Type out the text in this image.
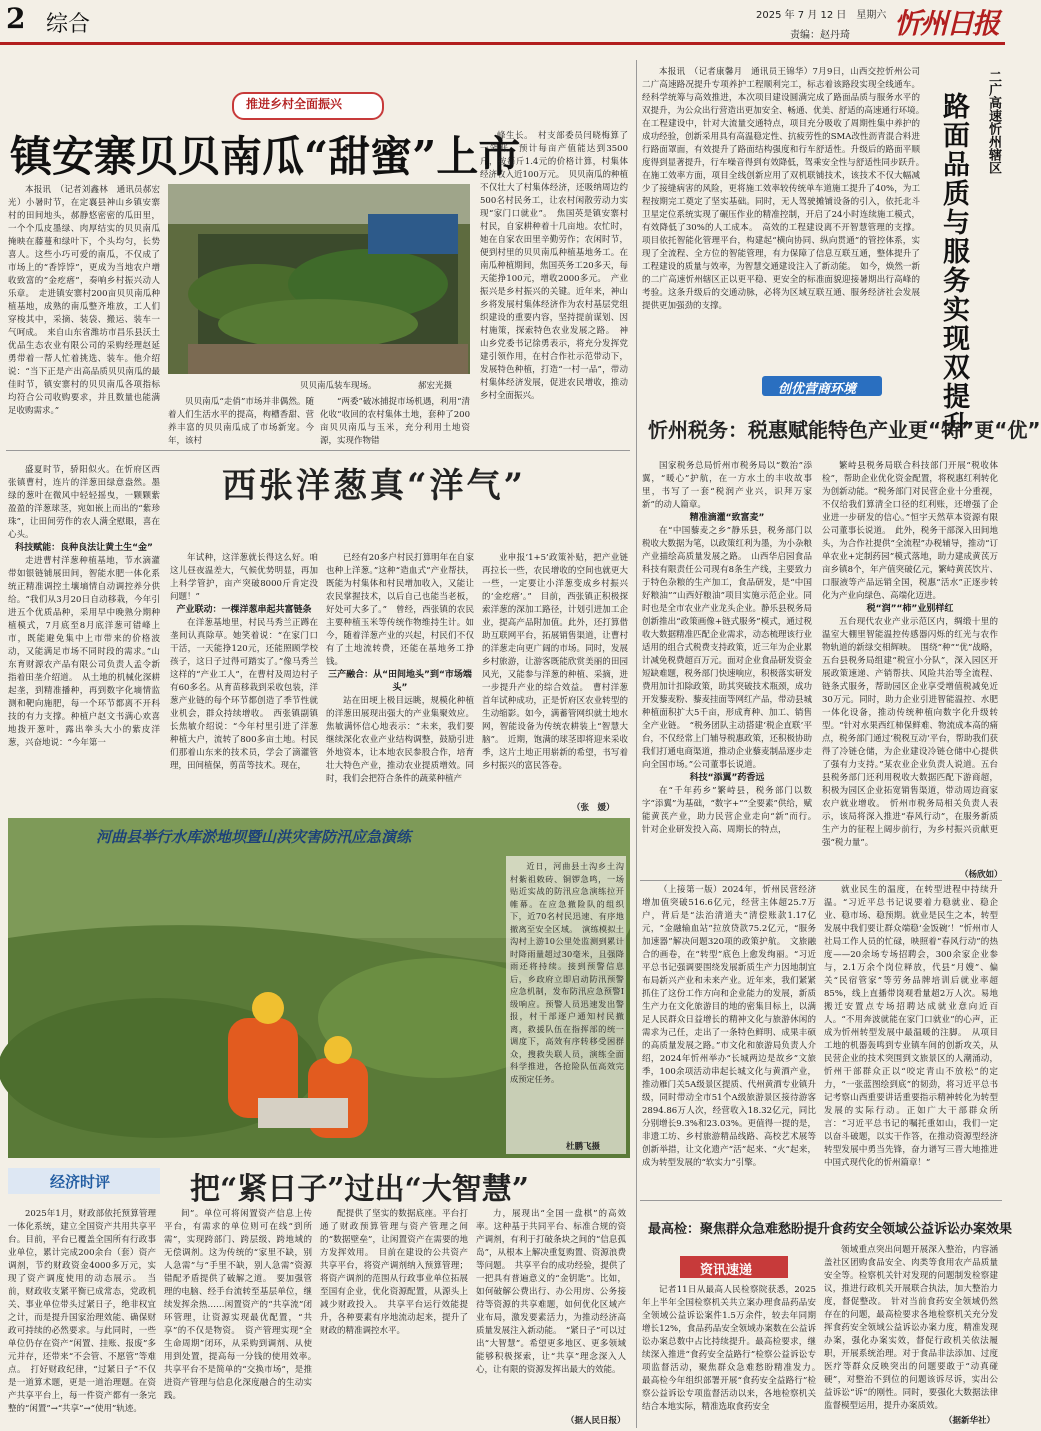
2 综合	2025 年 7 月 12 日　星期六
责编：赵丹琦 忻州日报
推进乡村全面振兴
镇安寨贝贝南瓜“甜蜜”上市

本报讯　（记者刘鑫林　通讯员郝宏光）小暑时节，在定襄县神山乡镇安寨村的田间地头，郝静悠密密的瓜田里，一个个瓜皮墨绿、肉厚结实的贝贝南瓜掩映在藤蔓和绿叶下，个头均匀，长势喜人。这些小巧可爱的南瓜，不仅成了市场上的“香饽饽”，更成为当地农户增收致富的“金疙瘩”，奏响乡村振兴动人乐章。　走进镇安寨村200亩贝贝南瓜种植基地，成熟的南瓜整齐堆放，工人们穿梭其中，采摘、装袋、搬运、装车一气呵成。　来自山东省潍坊市昌乐县沃土优品生态农业有限公司的采购经理赵延勇带着一帮人忙着挑选、装车。他介绍说：“当下正是产出高品质贝贝南瓜的最佳时节，镇安寨村的贝贝南瓜各项指标均符合公司收购要求，并且数量也能满足收购需求。”

贝贝南瓜装车现场。	郝宏光摄

峰生长。　村支部委员闫晓梅算了一笔账，预计每亩产值能达到3500斤，按每斤1.4元的价格计算，村集体经济收入近100万元。　贝贝南瓜的种植不仅壮大了村集体经济，还吸纳周边约500名村民务工，让农村闲散劳动力实现“家门口就业”。　焦国英是镇安寨村村民，自家耕种着十几亩地。农忙时，她在自家农田里辛勤劳作；农闲时节，便到村里的贝贝南瓜种植基地务工。在南瓜种植期间，焦国英务工20多天，每天能挣100元，增收2000多元。　产业振兴是乡村振兴的关键。近年来，神山乡将发展村集体经济作为农村基层党组织建设的重要内容，坚持提前谋划、因村施策，探索特色农业发展之路。　神山乡党委书记徐勇表示，将充分发挥党建引领作用，在村合作社示范带动下，发展特色种植，打造“一村一品”，带动村集体经济发展，促进农民增收，推动乡村全面振兴。

贝贝南瓜“走俏”市场并非偶然。随着人们生活水平的提高，枸槽香甜、营养丰富的贝贝南瓜成了市场新宠。今年，该村

“两委”破冰捕捉市场机遇，利用“清化收”收回的农村集体土地，套种了200亩贝贝南瓜与玉米，充分利用土地资源，实现作物错

西张洋葱真“洋气”

盛夏时节，骄阳似火。在忻府区西张镇曹村，连片的洋葱田绿意盎然。墨绿的葱叶在微风中轻轻摇曳，一颗颗紫盈盈的洋葱球茎，宛如嵌上而出的“紫珍珠”，让田间劳作的农人满全慰眼，喜在心头。

科技赋能：良种良法让黄土生“金”

走进曹村洋葱种植基地，节水滴灌带如银链铺展田间，智能水肥一体化系统正精准调控土壤墒情自动调控养分供给。“我们从3月20日自动移栽，今年引进五个优质品种，采用早中晚熟分期种植模式，7月底至8月底洋葱可错峰上市，既能避免集中上市带来的价格波动，又能满足市场不同时段的需求。”山东育财源农产品有限公司负责人孟令新指着田垄介绍道。　从土地的机械化深耕起垄，到精准播种，再到数字化墒情监测和靶向施肥，每一个环节都离不开科技的有力支撑。种植户赵文书满心欢喜地拨开葱叶，露出拳头大小的紫皮洋葱，兴奋地说：“今年第一

年试种，这洋葱就长得这么好。咱这儿昼夜温差大，气候优势明显，再加上科学管护，亩产突破8000斤肯定没问题！”

产业联动：一棵洋葱串起共富链条

在洋葱基地里，村民马秀兰正蹲在垄间认真除草。她笑着说：“在家门口干活，一天能挣120元，还能照顾学校孩子，这日子过得可踏实了。”像马秀兰这样的“产业工人”，在曹村及周边村子有60多名。从育苗移栽到采收包装，洋葱产业链的每个环节都创造了季节性就业机会，群众持续增收。　西张镇副镇长焦敏介绍说：“今年村里引进了洋葱种植大户，流转了800多亩土地。村民们那着山东来的技术员，学会了滴灌管理，田间植保，剪苗等技术。现在，

已经有20多户村民打算明年在自家也种上洋葱。”这种“造血式”产业帮扶，既能为村集体和村民增加收入，又能让农民掌握技术，以后自己也能当老板，好处可大多了。”　曾经，西张镇的农民主要种植玉米等传统作物维持生计。如今，随着洋葱产业的兴起，村民们不仅有了土地流转费，还能在基地务工挣钱。

三产融合：从“田间地头”到“市场端头”

站在田埂上极目远眺，规模化种植的洋葱田展现出强大的产业集聚效应。焦敏满怀信心地表示：“未来，我们要继续深化农业产业结构调整，鼓励引进外地资本，让本地农民参股合作，培育壮大特色产业，推动农业提质增效。同时，我们会把符合条件的蔬菜种植产

业申报‘1+5’政策补贴，把产业链再拉长一些，农民增收的空间也就更大一些，一定要让小洋葱变成乡村振兴的‘金疙瘩’。”　目前，西张镇正积极探索洋葱的深加工路径，计划引进加工企业，提高产品附加值。此外，还打算借助互联网平台，拓展销售渠道，让曹村的洋葱走向更广阔的市场。同时，发展乡村旅游，让游客既能欣赏美丽的田园风光，又能参与洋葱的种植、采摘，进一步提升产业的综合效益。　曹村洋葱首年试种成功，正是忻府区农业转型的生动缩影。如今，满蓄管网织就土地水网，智能设备为传统农耕装上“智慧大脑”。　近期，饱满的球茎即将迎来采收季，这片土地正用崭新的希望，书写着乡村振兴的富民答卷。

（张　媛）
河曲县举行水库淤地坝暨山洪灾害防汛应急演练

近日，河曲县土沟乡土沟村紫祖敕砖、铜锣急鸣，一场贴近实战的防汛应急演练拉开帷幕。在应急撤险队的组织下，近70名村民迅速、有序地撤离至安全区域。　演练模拟土沟村上游10公里处监测到累计时降雨量超过30毫米，且强降雨还将持续。接到预警信息后，乡政府立即启动防汛预警应急机制，发布防汛应急预警Ⅰ级响应。预警人员迅速发出警报，村干部逐户通知村民撤离，救援队伍在指挥部的统一调度下，高效有序转移受困群众，搜救失联人员，演练全面科学推进，各抢险队伍高效完成预定任务。

杜鹏飞摄
经济时评	把“紧日子”过出“大智慧”

2025年1月，财政部依托预算管理一体化系统，建立全国资产共用共享平台。目前，平台已覆盖全国所有行政事业单位，累计完成200余台（套）资产调剂，节约财政资金4000多万元，实现了资产调度使用的动态展示。　当前，财政收支紧平衡已成常态，党政机关、事业单位带头过紧日子，绝非权宜之计，而是提升国家治理效能、确保财政可持续的必然要求。与此同时，一些单位仍存在资产“闲置、挂账、报废”多元并存，还带来“不会管、不愿管”等难点。　打好财政纪律，“过紧日子”不仅是一道算术题，更是一道治理题。在资产共享平台上，每一件资产都有一条完整的“闲置”→“共享”→“使用”轨迹。

间”。单位可将闲置资产信息上传平台，有需求的单位则可在线“到所需”，实现跨部门、跨层级、跨地域的无偿调剂。这为传统的“家里不缺，别人急需”与“手里不缺，别人急需”资源错配矛盾提供了破解之道。　要加强管理的电脑、经手台流转至基层单位，继续发挥余热……闲置资产的“共享流”闭环管理，让资源实现最优配置，“共享”的不仅是物资。　资产管理实现“全生命周期”闭环，从采购到调剂、从使用到处置，提高每一分钱的使用效率。　共享平台不是简单的“交换市场”，是推进资产管理与信息化深度融合的生动实践。

配提供了坚实的数据底座。平台打通了财政预算管理与资产管理之间的“数据壁垒”，让闲置资产在需要的地方发挥效用。　目前在建设的公共资产共享平台，将资产调剂纳入预算管理；将资产调剂的范围从行政事业单位拓展至国有企业，优化资源配置，从源头上减少财政投入。　共享平台运行效能提升，各种要素有序地流动起来，提升了财政的精准调控水平。

力，展现出“全国一盘棋”的高效率。这种基于共同平台、标准合规的资产调剂，有利于打破条块之间的“信息孤岛”，从根本上解决重复购置、资源浪费等问题。　共享平台的成功经验，提供了一把具有普遍意义的“金钥匙”。比如，如何破解公费出行、办公用房、公务接待等资源的共享难题，如何优化区域产业布局，激发要素活力，为推动经济高质量发展注入新动能。　“紧日子”可以过出“大智慧”。希望更多地区、更多领域能够积极探索，让“共享”理念深入人心，让有限的资源发挥出最大的效能。

（据人民日报）

本报讯　（记者康馨月　通讯员王锦华）7月9日，山西交控忻州公司二广高速路况提升专项养护工程顺利完工，标志着该路段实现全线通车。经科学统筹与高效推进，本次项目建设圆满完成了路面品质与服务水平的双提升，为公众出行营造出更加安全、畅通、优美、舒适的高速通行环境。　在工程建设中，针对大流量交通特点，项目充分吸收了周期性集中养护的成功经验，创新采用具有高温稳定性、抗疲劳性的SMA改性沥青混合料进行路面罩面，有效提升了路面结构强度和行车舒适性。升级后的路面平顺度得到显著提升，行车噪音得到有效降低，驾乘安全性与舒适性同步跃升。　在施工效率方面，项目全线创新应用了双机联铺技术，该技术不仅大幅减少了接缝病害的风险，更将施工效率较传统单车道施工提升了40%，为工程按期完工奠定了坚实基础。同时，无人驾驶摊铺设备的引入，依托北斗卫星定位系统实现了碾压作业的精准控制，开启了24小时连续施工模式，有效降低了30%的人工成本。　高效的工程建设离不开智慧管理的支撑。项目依托智能化管理平台，构建起“横向协同、纵向贯通”的管控体系，实现了全流程、全方位的智能管理，有力保障了信息互联互通，整体提升了工程建设的质量与效率，为智慧交通建设注入了新动能。　如今，焕然一新的二广高速忻州辖区正以更平稳、更安全的标准面貌迎接暑期出行高峰的考验。这条升级后的交通动脉，必将为区域互联互通、服务经济社会发展提供更加强劲的支撑。

二广高速忻州辖区
路面品质与服务实现双提升
创优营商环境
忻州税务：税惠赋能特色产业更“特”更“优”

国家税务总局忻州市税务局以“数治”添翼，“暖心”护航，在一方水土的丰收故事里，书写了一套“税润产业兴，识拜万家新”的动人篇章。

精准滴灌“致富麦”

在“中国藜麦之乡”静乐县，税务部门以税收大数据为笔，以政策红利为墨，为小杂粮产业描绘高质量发展之路。　山西华启园食品科技有限责任公司现有8条生产线，主要致力于特色杂粮的生产加工，食品研发，是“中国好粮油”“山西好粮油”项目实施示范企业。同时也是全市农业产业龙头企业。静乐县税务局创新推出“政策画像+链式服务”模式，通过税收大数据精准匹配企业需求，动态梳理该行业适用的组合式税费支持政策，近三年为企业累计减免税费超百万元。面对企业食品研发资金短缺难题，税务部门快速响应，积极落实研发费用加计扣除政策，助其突破技术瓶颈，成功开发藜麦粉、藜麦挂面等网红产品，带动县城种植面积扩大5千亩，形成育种、加工、销售全产业链。　“税务团队主动搭建‘税企直联’平台，不仅经常上门辅导税惠政策，还积极协助我们打通电商渠道，推动企业藜麦制品逐步走向全国市场。”公司董事长说道。

科技“添翼”药香远

在“千年药乡”繁峙县，税务部门以数字“添翼”为基础，“数字+”“全要素”供给，赋能黄芪产业，助力民营企业走向“新”而行。　针对企业研发投入高、周期长的特点，

繁峙县税务局联合科技部门开展“税收体检”，帮助企业优化资金配置，将税惠红利转化为创新动能。“税务部门对民营企业十分重视，不仅给我们算清全口径的红利账，还增强了企业进一步研发的信心。”恒宇天然草本资源有限公司董事长说道。　此外，税务干部深入田间地头，为合作社提供“全流程”办税辅导，推动“订单农业+定制药园”模式落地，助力建成黄芪万亩乡镇8个，年产值突破亿元，繁峙黄芪饮片、口服液等产品远销全国，税惠“活水”正逐步转化为产业向绿色、高端化迈进。

税“润”“柿”业别样红

五台现代农业产业示范区内，绸缎十里的温室大棚里智能温控传感器闪烁的红光与农作物轨道的新绿交相辉映。　围绕“种”“优”战略，五台县税务局组建“税宣小分队”，深入园区开展政策速递、产销帮扶、风险共治等全流程、链条式服务，帮助园区企业享受增值税减免近30万元。同时，助力企业引进智能温控、水肥一体化设备，推动传统种植向数字化升级转型。“针对水果西红柿保鲜难、物流成本高的痛点，税务部门通过‘税税互动’平台，帮助我们获得了冷链仓储，为企业建设冷链仓储中心提供了强有力支持。”某农业企业负责人说道。五台县税务部门还利用税收大数据匹配下游商超，积极为园区企业拓宽销售渠道，带动周边商家农户就业增收。　忻州市税务局相关负责人表示，该局将深入推进“春风行动”，在服务新质生产力的征程上阔步前行，为乡村振兴贡献更强“税力量”。

（杨欣如）

（上接第一版）2024年，忻州民营经济增加值突破516.6亿元，经营主体超25.7万户，背后是“法治清道夫”清偿账款1.17亿元，“金融输血站”拉放贷款75.2亿元，“服务加速器”解决问题320项的政策护航。　文旅融合的画卷，在“转型”底色上愈发绚丽。“习近平总书记强调要围绕发展新质生产力因地制宜布局新兴产业和未来产业。近年来，我们紧紧抓住了这份工作方向和企业能力的发展，新质生产力在文化旅游目的地的密集目标上，以满足人民群众日益增长的精神文化与旅游休闲的需求为己任，走出了一条特色鲜明、成果丰硕的高质量发展之路。”市文化和旅游局负责人介绍，2024年忻州举办“长城两边是故乡”文旅季，100余项活动串起长城文化与黄酒产业，推动雁门关5A级景区提质、代州黄酒专业镇升级，同时带动全市51个A级旅游景区接待游客2894.86万人次，经营收入18.32亿元，同比分别增长9.3%和23.03%。更值得一提的是，非遗工坊、乡村旅游精品线路、高校艺术展等创新举措，让文化遗产“活”起来、“火”起来，成为转型发展的“软实力”引擎。

就业民生的温度，在转型进程中持续升温。“习近平总书记说要着力稳就业、稳企业、稳市场、稳预期。就业是民生之本，转型发展中我们要让群众端稳‘金饭碗’！”忻州市人社局工作人员的忙碌，映照着“春风行动”的热度——20余场专场招聘会，300余家企业参与，2.1万余个岗位释放，代县“月嫂”、偏关“民宿管家”等劳务品牌培训后就业率超85%，线上直播带岗观看量超2万人次。易地搬迁安置点专场招聘达成就业意向近百人。“不用奔波就能在家门口就业”的心声，正成为忻州转型发展中最温暖的注脚。　从项目工地的机器轰鸣到专业镇车间的创新攻关，从民营企业的技术突围到文旅景区的人潮涌动，忻州干部群众正以“咬定青山不放松”的定力，“一张蓝图绘到底”的韧劲，将习近平总书记考察山西重要讲话重要指示精神转化为转型发展的实际行动。正如广大干部群众所言：“习近平总书记的嘱托重如山，我们一定以奋斗破题，以实干作答，在推动资源型经济转型发展中勇当先锋，奋力谱写三晋大地推进中国式现代化的忻州篇章！”

最高检：聚焦群众急难愁盼提升食药安全领域公益诉讼办案效果
资讯速递

记者11日从最高人民检察院获悉，2025年上半年全国检察机关共立案办理食品药品安全领域公益诉讼案件1.5万余件，较去年同期增长12%，食品药品安全领域办案数在公益诉讼办案总数中占比持续提升。最高检要求，继续深入推进“食药安全益路行”检察公益诉讼专项监督活动，聚焦群众急难愁盼精准发力。　最高检今年组织部署开展“食药安全益路行”检察公益诉讼专项监督活动以来，各地检察机关结合本地实际，精准选取食药安全

领域重点突出问题开展深入整治，内容涵盖社区团购食品安全、肉类等食用农产品质量安全等。检察机关针对发现的问题制发检察建议，推进行政机关开展联合执法，加大整治力度，督促整改。　针对当前食药安全领域仍然存在的问题，最高检要求各地检察机关充分发挥食药安全领域公益诉讼办案力度，精准发现办案，强化办案实效，督促行政机关依法履职，开展系统治理。对于食品非法添加、过度医疗等群众反映突出的问题要敢于“动真碰硬”，对整治不到位的问题该诉尽诉，实出公益诉讼“诉”的刚性。同时，要强化大数据法律监督模型运用，提升办案质效。

（据新华社）
